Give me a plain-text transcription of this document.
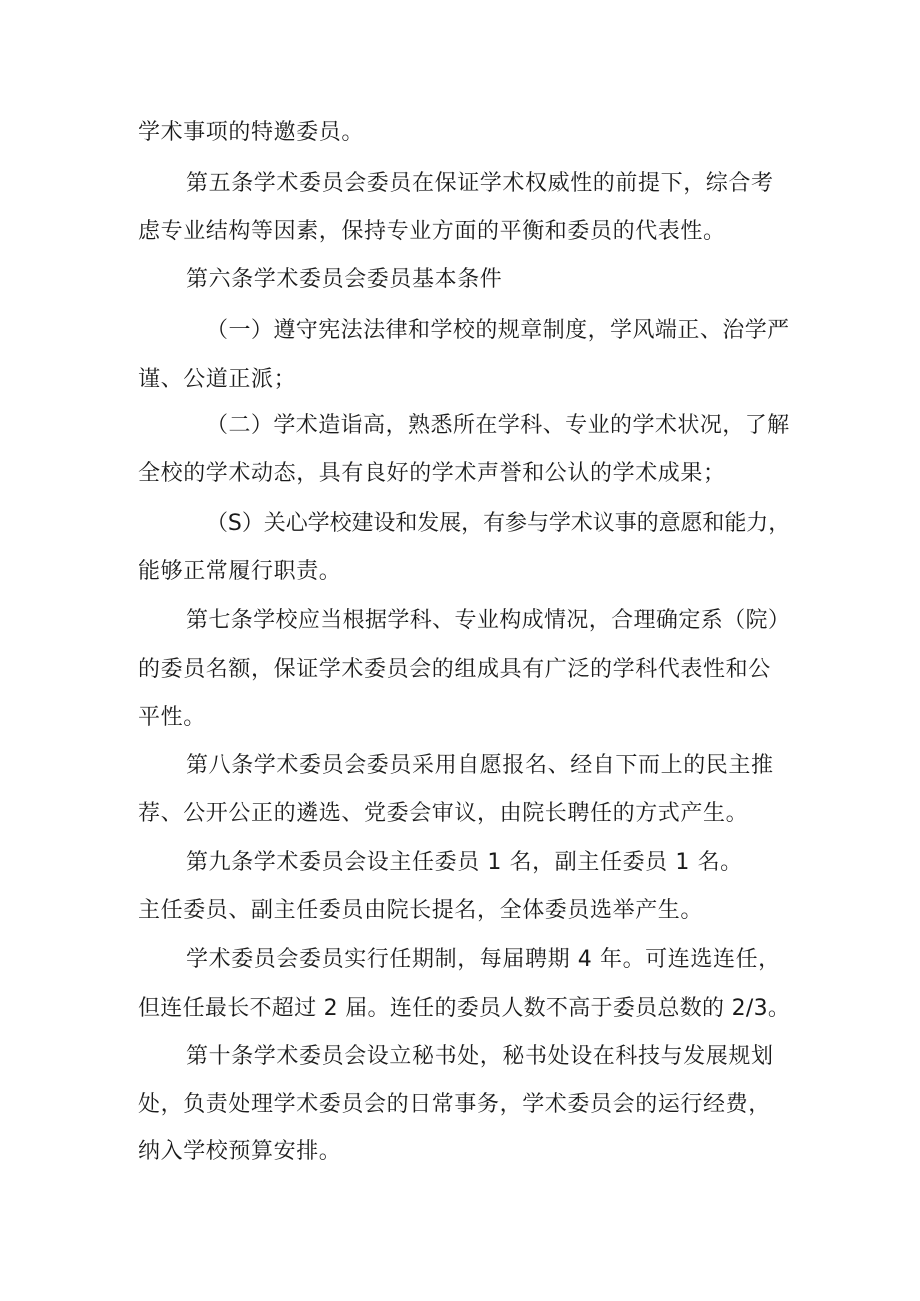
学术事项的特邀委员。
第五条学术委员会委员在保证学术权威性的前提下，综合考
虑专业结构等因素，保持专业方面的平衡和委员的代表性。
第六条学术委员会委员基本条件
（一）遵守宪法法律和学校的规章制度，学风端正、治学严
谨、公道正派；
（二）学术造诣高，熟悉所在学科、专业的学术状况，了解
全校的学术动态，具有良好的学术声誉和公认的学术成果；
（S）关心学校建设和发展，有参与学术议事的意愿和能力，
能够正常履行职责。
第七条学校应当根据学科、专业构成情况，合理确定系（院）
的委员名额，保证学术委员会的组成具有广泛的学科代表性和公
平性。
第八条学术委员会委员采用自愿报名、经自下而上的民主推
荐、公开公正的遴选、党委会审议，由院长聘任的方式产生。
第九条学术委员会设主任委员 1 名，副主任委员 1 名。
主任委员、副主任委员由院长提名，全体委员选举产生。
学术委员会委员实行任期制，每届聘期 4 年。可连选连任，
但连任最长不超过 2 届。连任的委员人数不高于委员总数的 2/3。
第十条学术委员会设立秘书处，秘书处设在科技与发展规划
处，负责处理学术委员会的日常事务，学术委员会的运行经费，
纳入学校预算安排。
